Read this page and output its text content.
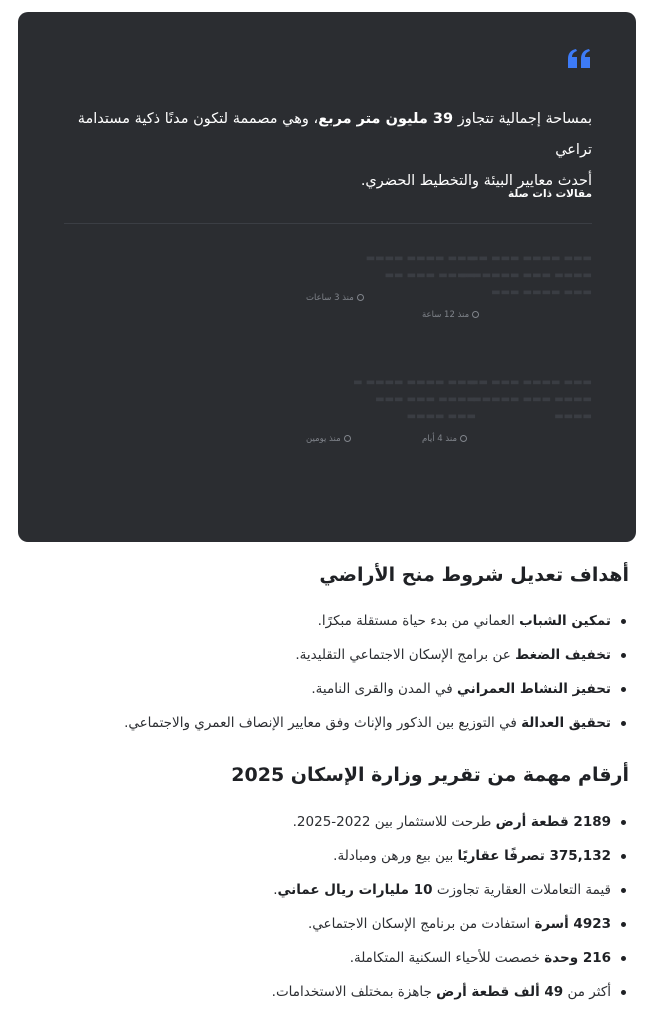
بمساحة إجمالية تتجاوز 39 مليون متر مربع، وهي مصممة لتكون مدنًا ذكية مستدامة تراعي
أحدث معايير البيئة والتخطيط الحضري.
مقالات ذات صلة
▬▬▬ ▬▬▬▬ ▬▬▬ ▬▬
▬▬▬▬ ▬▬▬ ▬▬▬▬▬ ▬
▬▬▬ ▬▬▬▬ ▬▬▬
منذ 12 ساعة
▬▬▬ ▬▬▬▬ ▬▬▬▬
▬▬▬▬ ▬▬▬ ▬▬
منذ 3 ساعات
▬▬▬ ▬▬▬▬ ▬▬▬ ▬▬
▬▬▬▬ ▬▬▬ ▬▬▬▬▬
▬▬▬▬
منذ 4 أيام
▬▬▬ ▬▬▬▬ ▬▬▬▬ ▬
▬▬▬▬ ▬▬▬ ▬▬▬
▬▬▬ ▬▬▬▬
منذ يومين
أهداف تعديل شروط منح الأراضي
تمكين الشباب العماني من بدء حياة مستقلة مبكرًا.
تخفيف الضغط عن برامج الإسكان الاجتماعي التقليدية.
تحفيز النشاط العمراني في المدن والقرى النامية.
تحقيق العدالة في التوزيع بين الذكور والإناث وفق معايير الإنصاف العمري والاجتماعي.
أرقام مهمة من تقرير وزارة الإسكان 2025
2189 قطعة أرض طرحت للاستثمار بين 2022-2025.
375,132 تصرفًا عقاريًا بين بيع ورهن ومبادلة.
قيمة التعاملات العقارية تجاوزت 10 مليارات ريال عماني.
4923 أسرة استفادت من برنامج الإسكان الاجتماعي.
216 وحدة خصصت للأحياء السكنية المتكاملة.
أكثر من 49 ألف قطعة أرض جاهزة بمختلف الاستخدامات.
